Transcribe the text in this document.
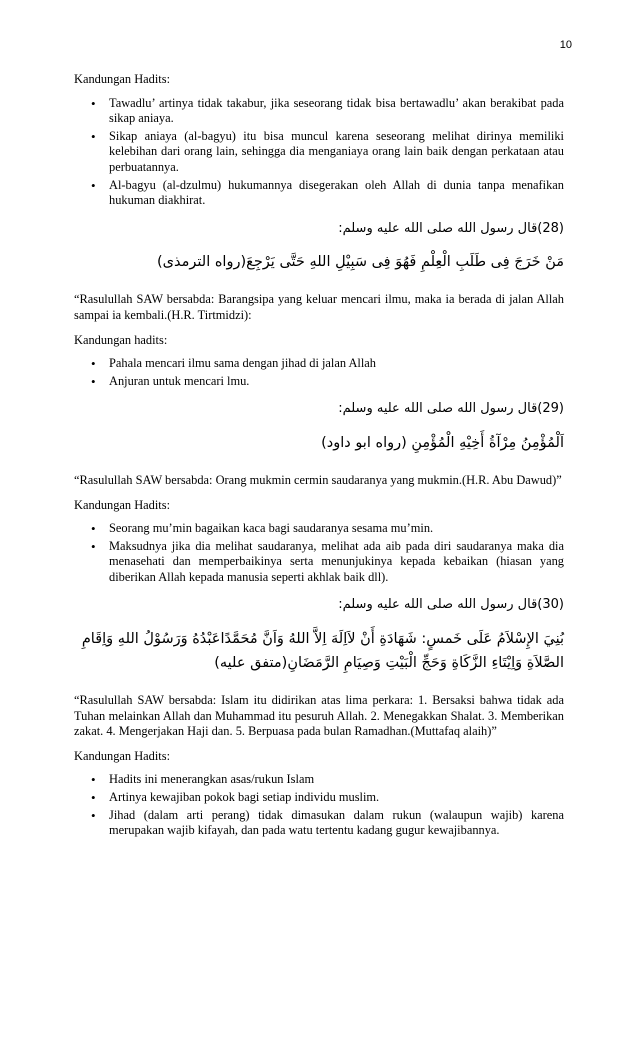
10
Kandungan Hadits:
• Tawadlu’ artinya tidak takabur, jika seseorang tidak bisa bertawadlu’ akan berakibat pada sikap aniaya.
• Sikap aniaya (al-bagyu) itu bisa muncul karena seseorang melihat dirinya memiliki kelebihan dari orang lain, sehingga dia menganiaya orang lain baik dengan perkataan atau perbuatannya.
• Al-bagyu (al-dzulmu) hukumannya disegerakan oleh Allah di dunia tanpa menafikan hukuman diakhirat.
(28)قال رسول الله صلى الله عليه وسلم:
مَنْ خَرَجَ فِى طَلَبِ الْعِلْمِ فَهُوَ فِى سَبِيْلِ اللهِ حَتَّى يَرْجِعَ(رواه الترمذى)
“Rasulullah SAW bersabda: Barangsipa yang keluar mencari ilmu, maka ia berada di jalan Allah sampai ia kembali.(H.R. Tirtmidzi):
Kandungan hadits:
• Pahala mencari ilmu sama dengan jihad di jalan Allah
• Anjuran untuk mencari lmu.
(29)قال رسول الله صلى الله عليه وسلم:
اَلْمُؤْمِنُ مِرْآةُ أَخِيْهِ الْمُؤْمِنِ (رواه ابو داود)
“Rasulullah SAW bersabda: Orang mukmin cermin saudaranya yang mukmin.(H.R. Abu Dawud)”
Kandungan Hadits:
• Seorang mu’min bagaikan kaca bagi saudaranya sesama mu’min.
• Maksudnya jika dia melihat saudaranya, melihat ada aib pada diri saudaranya maka dia menasehati dan memperbaikinya serta menunjukinya kepada kebaikan (hiasan yang diberikan Allah kepada manusia seperti akhlak baik dll).
(30)قال رسول الله صلى الله عليه وسلم:
بُنِيَ الإِسْلاَمُ عَلَى خَمسٍ: شَهَادَةِ أَنْ لاَاِلَهَ اِلاَّ اللهُ وَاَنَّ مُحَمَّدًاعَبْدُهُ وَرَسُوْلُ اللهِ وَاِقَامِ الصَّلاَةِ وَاِيْتَاءِ الزَّكَاةِ وَحَجِّ الْبَيْتِ وَصِيَامِ الرَّمَضَانِ(متفق عليه)
“Rasulullah SAW bersabda: Islam itu didirikan atas lima perkara: 1. Bersaksi bahwa tidak ada Tuhan melainkan Allah dan Muhammad itu pesuruh Allah. 2. Menegakkan Shalat. 3. Memberikan zakat. 4. Mengerjakan Haji dan. 5. Berpuasa pada bulan Ramadhan.(Muttafaq alaih)”
Kandungan Hadits:
• Hadits ini menerangkan asas/rukun Islam
• Artinya kewajiban pokok bagi setiap individu muslim.
• Jihad (dalam arti perang) tidak dimasukan dalam rukun (walaupun wajib) karena merupakan wajib kifayah, dan pada watu tertentu kadang gugur kewajibannya.
